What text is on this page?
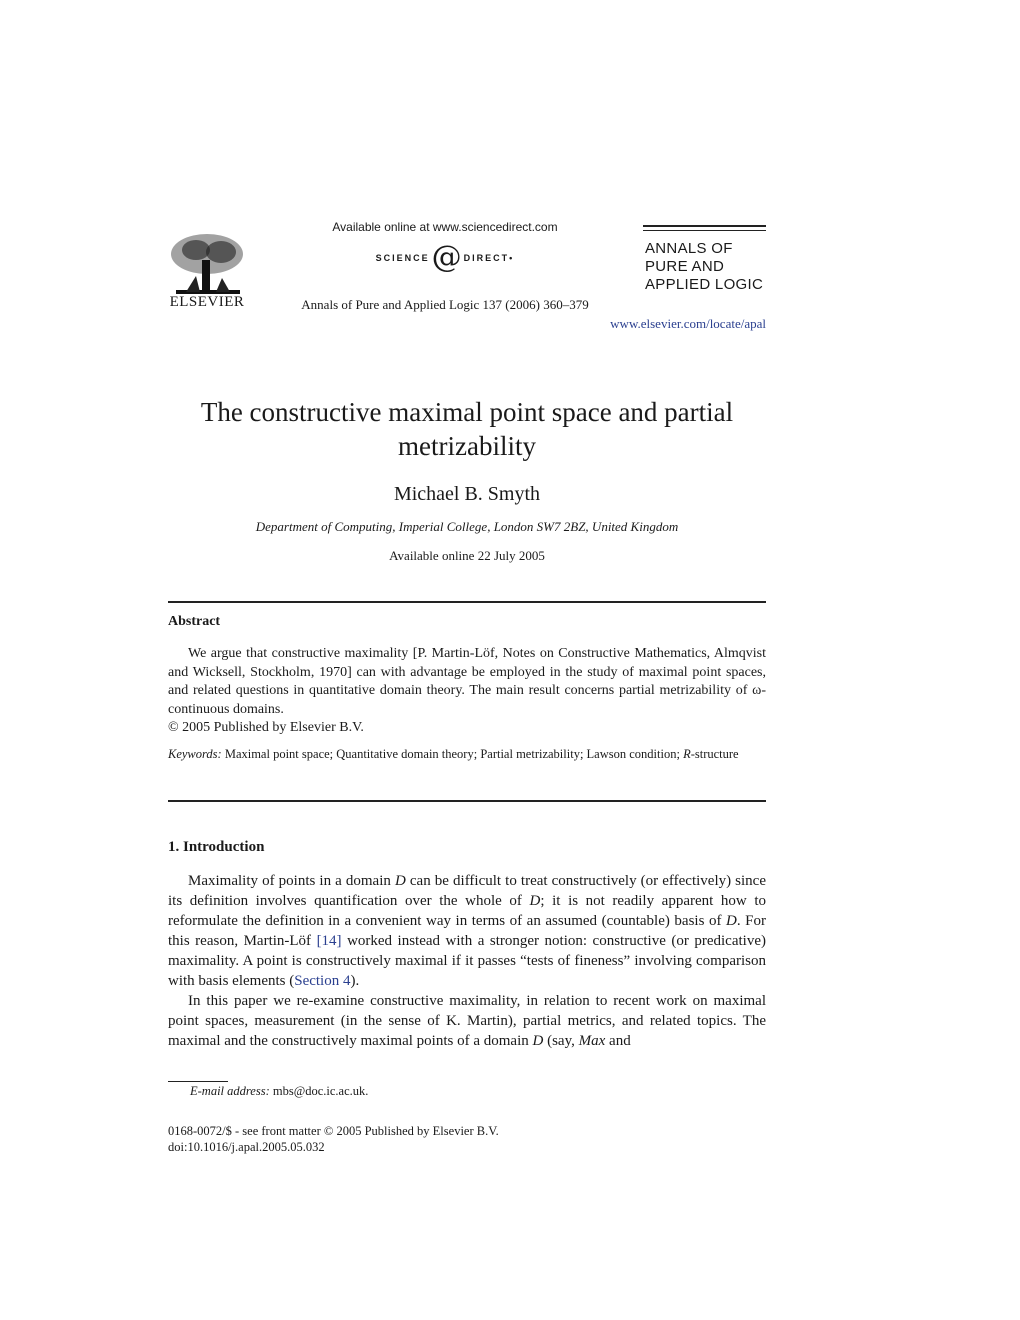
ELSEVIER
Available online at www.sciencedirect.com
SCIENCE@ DIRECT•
Annals of Pure and Applied Logic 137 (2006) 360–379
ANNALS OF
PURE AND
APPLIED LOGIC
www.elsevier.com/locate/apal
The constructive maximal point space and partial metrizability
Michael B. Smyth
Department of Computing, Imperial College, London SW7 2BZ, United Kingdom
Available online 22 July 2005
Abstract

We argue that constructive maximality [P. Martin-Löf, Notes on Constructive Mathematics, Almqvist and Wicksell, Stockholm, 1970] can with advantage be employed in the study of maximal point spaces, and related questions in quantitative domain theory. The main result concerns partial metrizability of ω-continuous domains.

© 2005 Published by Elsevier B.V.

Keywords: Maximal point space; Quantitative domain theory; Partial metrizability; Lawson condition; R-structure
1. Introduction

Maximality of points in a domain D can be difficult to treat constructively (or effectively) since its definition involves quantification over the whole of D; it is not readily apparent how to reformulate the definition in a convenient way in terms of an assumed (countable) basis of D. For this reason, Martin-Löf [14] worked instead with a stronger notion: constructive (or predicative) maximality. A point is constructively maximal if it passes “tests of fineness” involving comparison with basis elements (Section 4).

In this paper we re-examine constructive maximality, in relation to recent work on maximal point spaces, measurement (in the sense of K. Martin), partial metrics, and related topics. The maximal and the constructively maximal points of a domain D (say, Max and

E-mail address: mbs@doc.ic.ac.uk.
0168-0072/$ - see front matter © 2005 Published by Elsevier B.V.
doi:10.1016/j.apal.2005.05.032
